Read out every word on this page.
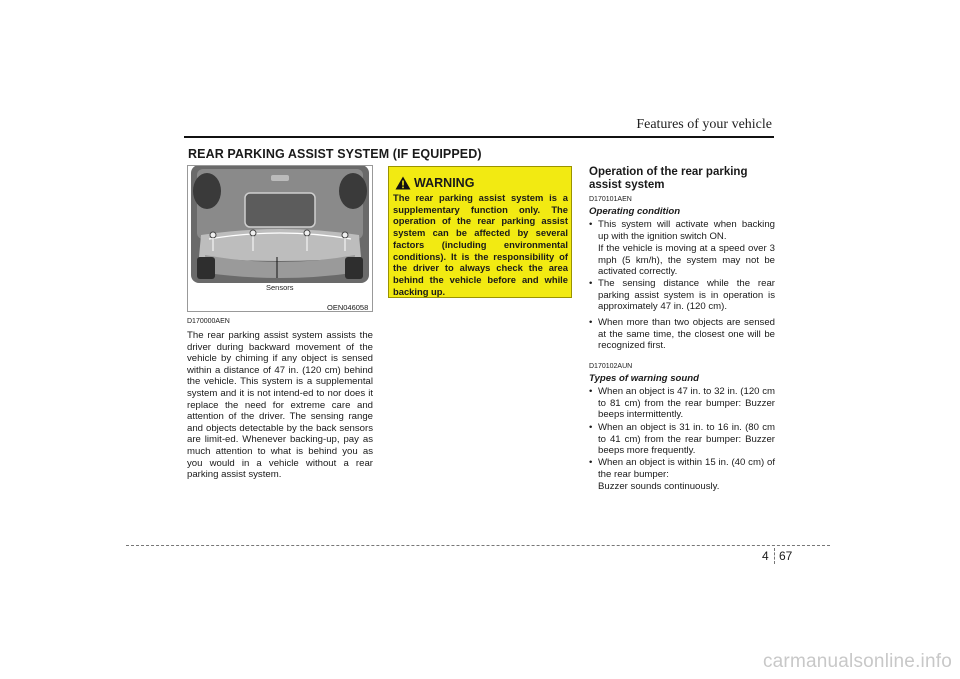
Features of your vehicle
REAR PARKING ASSIST SYSTEM (IF EQUIPPED)
Sensors
OEN046058
D170000AEN
The rear parking assist system assists the driver during backward movement of the vehicle by chiming if any object is sensed within a distance of 47 in. (120 cm) behind the vehicle. This system is a supplemental system and it is not intend-ed to nor does it replace the need for extreme care and attention of the driver. The sensing range and objects detectable by the back sensors are limit-ed. Whenever backing-up, pay as much attention to what is behind you as you would in a vehicle without a rear parking assist system.
WARNING
The rear parking assist system is a supplementary function only. The operation of the rear parking assist system can be affected by several factors (including environmental conditions). It is the responsibility of the driver to always check the area behind the vehicle before and while backing up.
Operation of the rear parking assist system
D170101AEN
Operating condition
• This system will activate when backing up with the ignition switch ON.
If the vehicle is moving at a speed over 3 mph (5 km/h), the system may not be activated correctly.
• The sensing distance while the rear parking assist system is in operation is approximately 47 in. (120 cm).
• When more than two objects are sensed at the same time, the closest one will be recognized first.
D170102AUN
Types of warning sound
• When an object is 47 in. to 32 in. (120 cm to 81 cm) from the rear bumper: Buzzer beeps intermittently.
• When an object is 31 in. to 16 in. (80 cm to 41 cm) from the rear bumper: Buzzer beeps more frequently.
• When an object is within 15 in. (40 cm) of the rear bumper:
Buzzer sounds continuously.
4 67
carmanualsonline.info
